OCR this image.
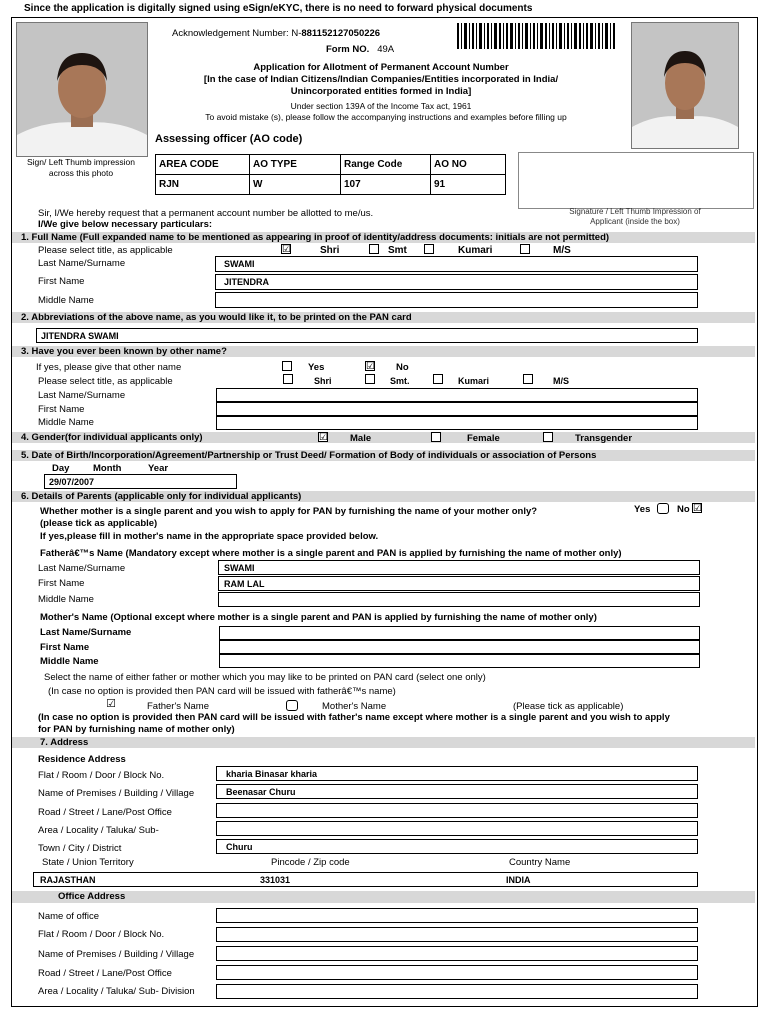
Since the application is digitally signed using eSign/eKYC, there is no need to forward physical documents
Sign/ Left Thumb impression across this photo
Acknowledgement Number: N-881152127050226
Form NO. 49A
Application for Allotment of Permanent Account Number
[In the case of Indian Citizens/Indian Companies/Entities incorporated in India/
Unincorporated entities formed in India]
Under section 139A of the Income Tax act, 1961
To avoid mistake (s), please follow the accompanying instructions and examples before filling up
Assessing officer (AO code)
AREA CODE	AO TYPE	Range Code	AO NO
RJN	W	107	91
Signature / Left Thumb Impression of Applicant (inside the box)
Sir, I/We hereby request that a permanent account number be allotted to me/us.
I/We give below necessary particulars:
1. Full Name (Full expanded name to be mentioned as appearing in proof of identity/address documents: initials are not permitted)
Please select title, as applicable	☑	Shri	Smt	Kumari	M/S
Last Name/Surname	SWAMI
First Name	JITENDRA
Middle Name
2. Abbreviations of the above name, as you would like it, to be printed on the PAN card
JITENDRA SWAMI
3. Have you ever been known by other name?
If yes, please give that other name	Yes	☑ No
Please select title, as applicable	Shri	Smt.	Kumari	M/S
Last Name/Surname
First Name
Middle Name
4. Gender(for individual applicants only)	☑ Male	Female	Transgender
5. Date of Birth/Incorporation/Agreement/Partnership or Trust Deed/ Formation of Body of individuals or association of Persons
Day Month	Year
29/07/2007
6. Details of Parents (applicable only for individual applicants)
Whether mother is a single parent and you wish to apply for PAN by furnishing the name of your mother only?
(please tick as applicable)
If yes,please fill in mother's name in the appropriate space provided below.
Yes	No ☑
Fatherâ€™s Name (Mandatory except where mother is a single parent and PAN is applied by furnishing the name of mother only)
Last Name/Surname	SWAMI
First Name	RAM LAL
Middle Name
Mother's Name (Optional except where mother is a single parent and PAN is applied by furnishing the name of mother only)
Last Name/Surname
First Name
Middle Name
Select the name of either father or mother which you may like to be printed on PAN card (select one only)
(In case no option is provided then PAN card will be issued with fatherâ€™s name)
☑	Father's Name	Mother's Name	(Please tick as applicable)
(In case no option is provided then PAN card will be issued with father's name except where mother is a single parent and you wish to apply
for PAN by furnishing name of mother only)
7. Address
Residence Address
Flat / Room / Door / Block No.	kharia Binasar kharia
Name of Premises / Building / Village	Beenasar Churu
Road / Street / Lane/Post Office
Area / Locality / Taluka/ Sub-
Town / City / District	Churu
State / Union Territory	Pincode / Zip code	Country Name
RAJASTHAN	331031	INDIA
Office Address
Name of office
Flat / Room / Door / Block No.
Name of Premises / Building / Village
Road / Street / Lane/Post Office
Area / Locality / Taluka/ Sub- Division
